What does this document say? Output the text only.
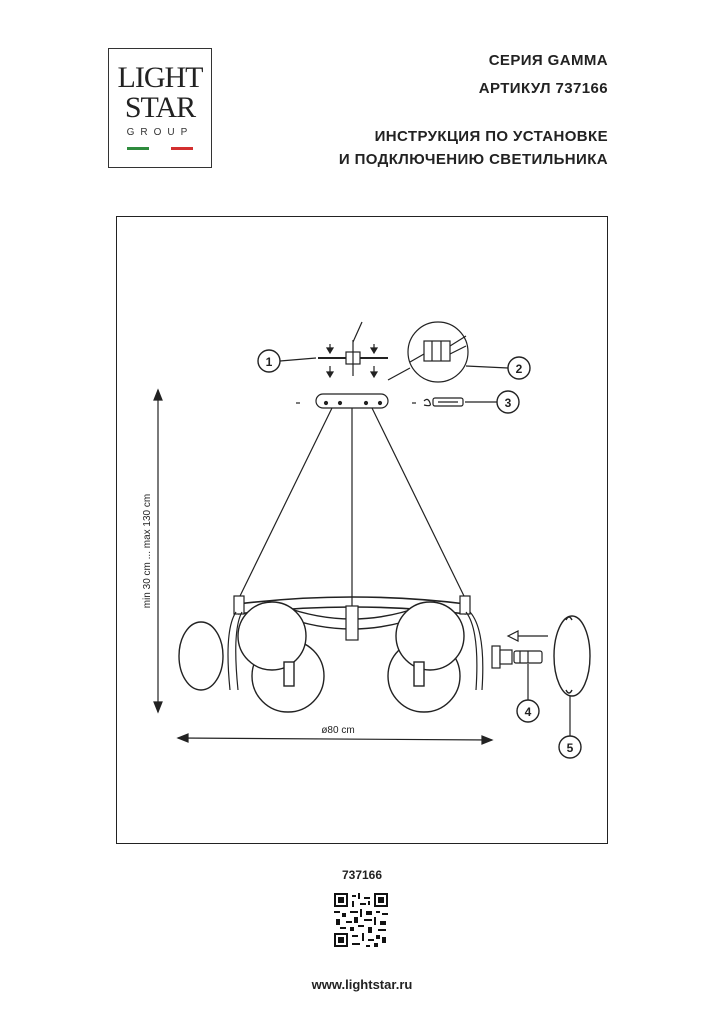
LIGHT
STAR
GROUP
СЕРИЯ GAMMA
АРТИКУЛ 737166
ИНСТРУКЦИЯ ПО УСТАНОВКЕ
И ПОДКЛЮЧЕНИЮ СВЕТИЛЬНИКА
1	2
3
4
5
min 30 cm ... max 130 cm
ø80 cm
737166
www.lightstar.ru
